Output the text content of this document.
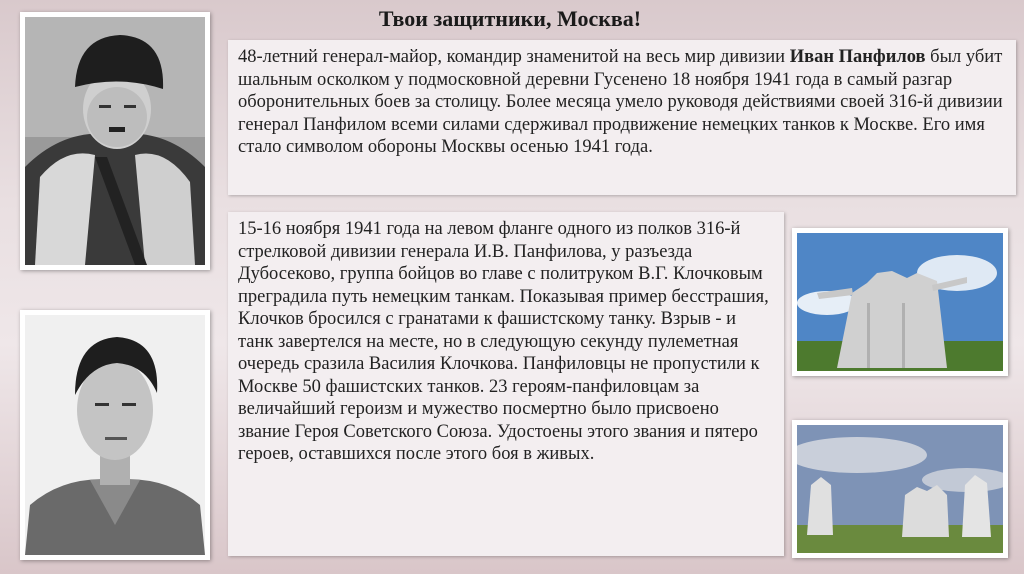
Твои защитники, Москва!
48-летний генерал-майор, командир знаменитой на весь мир дивизии Иван Панфилов был убит шальным осколком у подмосковной деревни Гусенено 18 ноября 1941 года в самый разгар оборонительных боев за столицу. Более месяца умело руководя действиями своей 316-й дивизии генерал Панфилом всеми силами сдерживал продвижение немецких танков к Москве. Его имя стало символом обороны Москвы осенью 1941 года.
15-16 ноября 1941 года на левом фланге одного из полков 316-й стрелковой дивизии генерала И.В. Панфилова, у разъезда Дубосеково, группа бойцов во главе с политруком В.Г. Клочковым преградила путь немецким танкам. Показывая пример бесстрашия, Клочков бросился с гранатами к фашистскому танку. Взрыв - и танк завертелся на месте, но в следующую секунду пулеметная очередь сразила Василия Клочкова. Панфиловцы не пропустили к Москве 50 фашистских танков. 23 героям-панфиловцам за величайший героизм и мужество посмертно было присвоено звание Героя Советского Союза. Удостоены этого звания и пятеро героев, оставшихся после этого боя в живых.
